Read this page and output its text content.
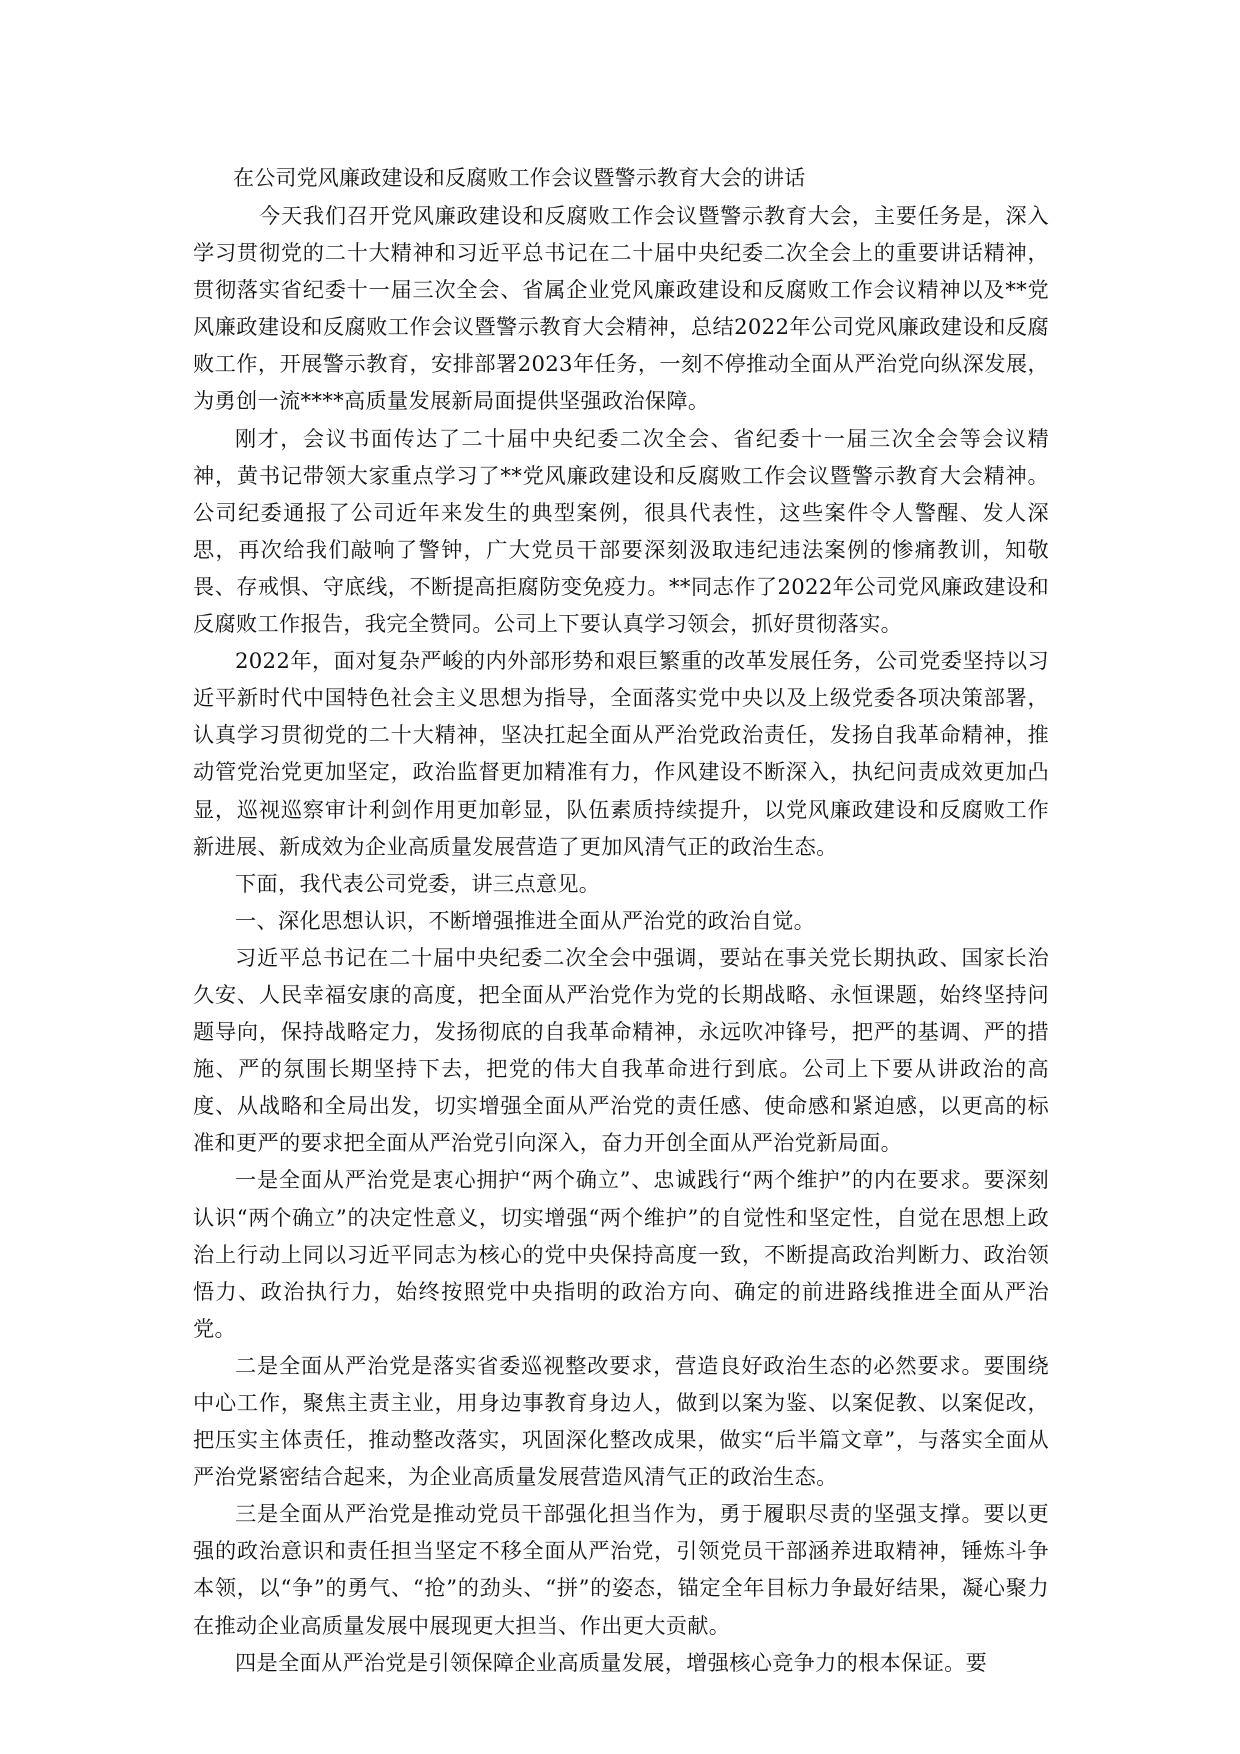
在公司党风廉政建设和反腐败工作会议暨警示教育大会的讲话

今天我们召开党风廉政建设和反腐败工作会议暨警示教育大会，主要任务是，深入学习贯彻党的二十大精神和习近平总书记在二十届中央纪委二次全会上的重要讲话精神，贯彻落实省纪委十一届三次全会、省属企业党风廉政建设和反腐败工作会议精神以及**党风廉政建设和反腐败工作会议暨警示教育大会精神，总结2022年公司党风廉政建设和反腐败工作，开展警示教育，安排部署2023年任务，一刻不停推动全面从严治党向纵深发展，为勇创一流****高质量发展新局面提供坚强政治保障。

刚才，会议书面传达了二十届中央纪委二次全会、省纪委十一届三次全会等会议精神，黄书记带领大家重点学习了**党风廉政建设和反腐败工作会议暨警示教育大会精神。公司纪委通报了公司近年来发生的典型案例，很具代表性，这些案件令人警醒、发人深思，再次给我们敲响了警钟，广大党员干部要深刻汲取违纪违法案例的惨痛教训，知敬畏、存戒惧、守底线，不断提高拒腐防变免疫力。**同志作了2022年公司党风廉政建设和反腐败工作报告，我完全赞同。公司上下要认真学习领会，抓好贯彻落实。

2022年，面对复杂严峻的内外部形势和艰巨繁重的改革发展任务，公司党委坚持以习近平新时代中国特色社会主义思想为指导，全面落实党中央以及上级党委各项决策部署，认真学习贯彻党的二十大精神，坚决扛起全面从严治党政治责任，发扬自我革命精神，推动管党治党更加坚定，政治监督更加精准有力，作风建设不断深入，执纪问责成效更加凸显，巡视巡察审计利剑作用更加彰显，队伍素质持续提升，以党风廉政建设和反腐败工作新进展、新成效为企业高质量发展营造了更加风清气正的政治生态。

下面，我代表公司党委，讲三点意见。

一、深化思想认识，不断增强推进全面从严治党的政治自觉。

习近平总书记在二十届中央纪委二次全会中强调，要站在事关党长期执政、国家长治久安、人民幸福安康的高度，把全面从严治党作为党的长期战略、永恒课题，始终坚持问题导向，保持战略定力，发扬彻底的自我革命精神，永远吹冲锋号，把严的基调、严的措施、严的氛围长期坚持下去，把党的伟大自我革命进行到底。公司上下要从讲政治的高度、从战略和全局出发，切实增强全面从严治党的责任感、使命感和紧迫感，以更高的标准和更严的要求把全面从严治党引向深入，奋力开创全面从严治党新局面。

一是全面从严治党是衷心拥护“两个确立”、忠诚践行“两个维护”的内在要求。要深刻认识“两个确立”的决定性意义，切实增强“两个维护”的自觉性和坚定性，自觉在思想上政治上行动上同以习近平同志为核心的党中央保持高度一致，不断提高政治判断力、政治领悟力、政治执行力，始终按照党中央指明的政治方向、确定的前进路线推进全面从严治党。

二是全面从严治党是落实省委巡视整改要求，营造良好政治生态的必然要求。要围绕中心工作，聚焦主责主业，用身边事教育身边人，做到以案为鉴、以案促教、以案促改，把压实主体责任，推动整改落实，巩固深化整改成果，做实“后半篇文章”，与落实全面从严治党紧密结合起来，为企业高质量发展营造风清气正的政治生态。

三是全面从严治党是推动党员干部强化担当作为，勇于履职尽责的坚强支撑。要以更强的政治意识和责任担当坚定不移全面从严治党，引领党员干部涵养进取精神，锤炼斗争本领，以“争”的勇气、“抢”的劲头、“拼”的姿态，锚定全年目标力争最好结果，凝心聚力在推动企业高质量发展中展现更大担当、作出更大贡献。

四是全面从严治党是引领保障企业高质量发展，增强核心竞争力的根本保证。要
